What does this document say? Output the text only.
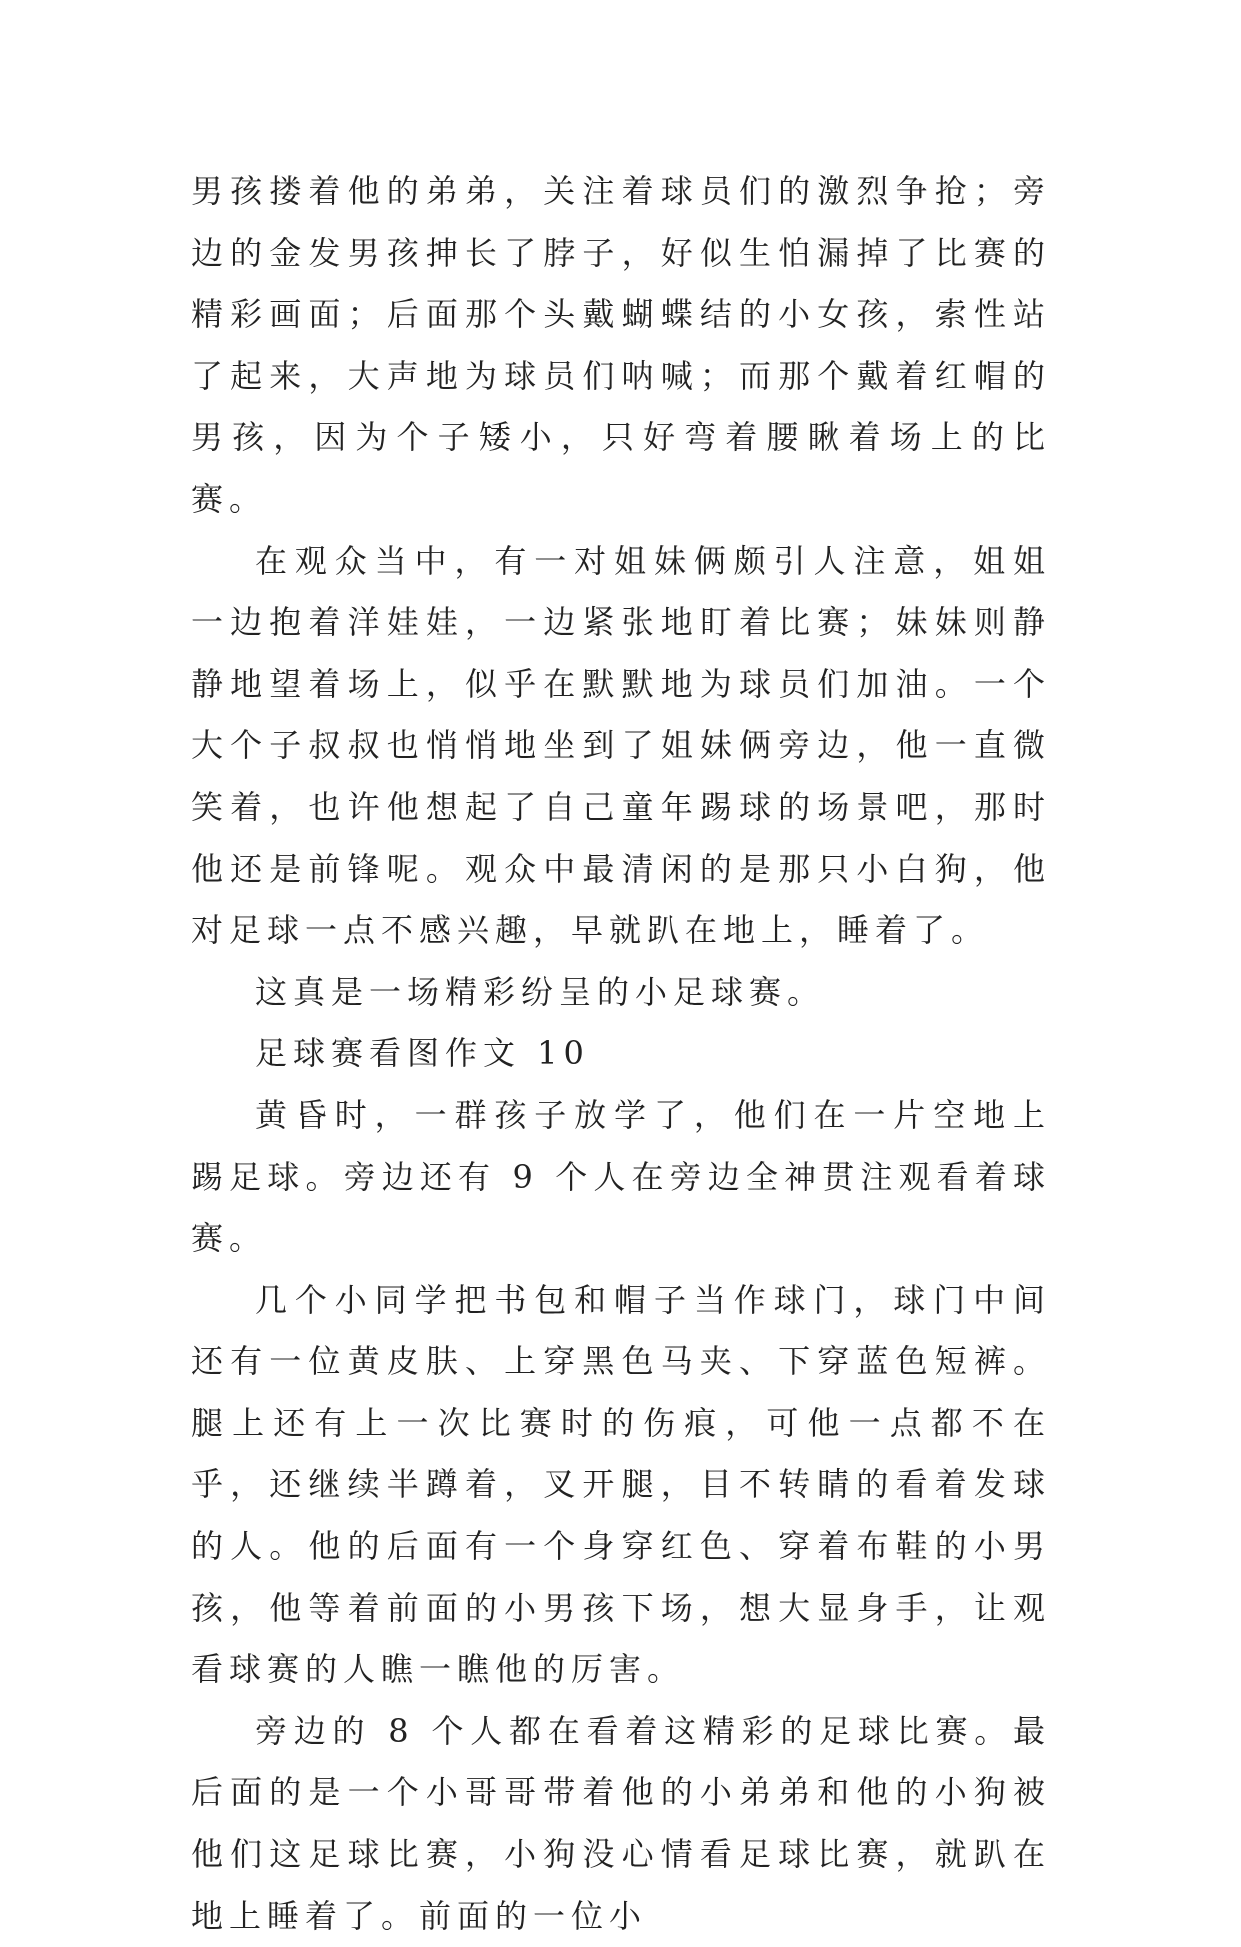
男孩搂着他的弟弟，关注着球员们的激烈争抢；旁边的金发男孩抻长了脖子，好似生怕漏掉了比赛的精彩画面；后面那个头戴蝴蝶结的小女孩，索性站了起来，大声地为球员们呐喊；而那个戴着红帽的男孩，因为个子矮小，只好弯着腰瞅着场上的比赛。

在观众当中，有一对姐妹俩颇引人注意，姐姐一边抱着洋娃娃，一边紧张地盯着比赛；妹妹则静静地望着场上，似乎在默默地为球员们加油。一个大个子叔叔也悄悄地坐到了姐妹俩旁边，他一直微笑着，也许他想起了自己童年踢球的场景吧，那时他还是前锋呢。观众中最清闲的是那只小白狗，他对足球一点不感兴趣，早就趴在地上，睡着了。

这真是一场精彩纷呈的小足球赛。

足球赛看图作文 10

黄昏时，一群孩子放学了，他们在一片空地上踢足球。旁边还有 9 个人在旁边全神贯注观看着球赛。

几个小同学把书包和帽子当作球门，球门中间还有一位黄皮肤、上穿黑色马夹、下穿蓝色短裤。腿上还有上一次比赛时的伤痕，可他一点都不在乎，还继续半蹲着，叉开腿，目不转睛的看着发球的人。他的后面有一个身穿红色、穿着布鞋的小男孩，他等着前面的小男孩下场，想大显身手，让观看球赛的人瞧一瞧他的厉害。

旁边的 8 个人都在看着这精彩的足球比赛。最后面的是一个小哥哥带着他的小弟弟和他的小狗被他们这足球比赛，小狗没心情看足球比赛，就趴在地上睡着了。前面的一位小
